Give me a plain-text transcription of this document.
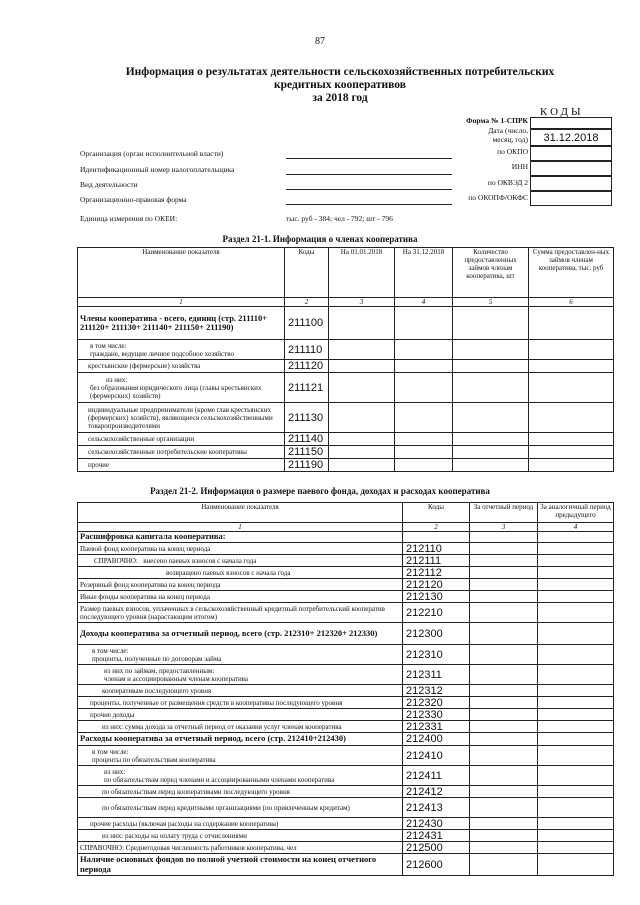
87
Информация о результатах деятельности сельскохозяйственных потребительских
кредитных кооперативов
за 2018 год
КОДЫ
Форма № 1-СПРК
Дата (число,
месяц, год)
по ОКПО
ИНН
по ОКВЭД 2
по ОКОПФ/ОКФС
31.12.2018
Организация (орган исполнительной власти)
Идентификационный номер налогоплательщика
Вид деятельности
Организационно-правовая форма
Единица измерения по ОКЕИ:	тыс. руб - 384; чел - 792; шт - 796
Раздел 21-1. Информация о членах кооператива
Наименование показателя	Коды	На 01.01.2018	На 31.12.2018	Количество предоставленных займов членам кооператива, шт	Сумма предоставлен-ных займов членам кооператива, тыс. руб
1	2	3	4	5	6
Члены кооператива - всего, единиц (стр. 211110+ 211120+ 211130+ 211140+ 211150+ 211190)	211100				

в том числе:
граждане, ведущие личное подсобное хозяйство	211110				
крестьянские (фермерские) хозяйства	211120				

из них:
без образования юридического лица (главы крестьянских (фермерских) хозяйств)	211121				
индивидуальные предприниматели (кроме глав крестьянских (фермерских) хозяйств), являющиеся сельскохозяйственными товаропроизводителями	211130				
сельскохозяйственные организации	211140				
сельскохозяйственные потребительские кооперативы	211150				
прочие	211190				
Раздел 21-2. Информация о размере паевого фонда, доходах и расходах кооператива
Наименование показателя	Коды	За отчетный период	За аналогичный период предыдущего
1	2	3	4
Расшифровка капитала кооператива:			
Паевой фонд кооператива на конец периода	212110		
СПРАВОЧНО: внесено паевых взносов с начала года	212111		
возвращено паевых взносов с начала года	212112		
Резервный фонд кооператива на конец периода	212120		
Иные фонды кооператива на конец периода	212130		
Размер паевых взносов, уплаченных в сельскохозяйственный кредитный потребительский кооператив последующего уровня (нарастающим итогом)	212210		
Доходы кооператива за отчетный период, всего (стр. 212310+ 212320+ 212330)	212300		

в том числе:
проценты, полученные по договорам займа	212310		

из них по займам, предоставленным:
членам и ассоциированным членам кооператива	212311		
кооперативам последующего уровня	212312		
проценты, полученные от размещения средств в кооперативы последующего уровня	212320		
прочие доходы	212330		
из них: сумма дохода за отчетный период от оказания услуг членам кооператива	212331		
Расходы кооператива за отчетный период, всего (стр. 212410+212430)	212400		

в том числе:
проценты по обязательствам кооператива	212410		

из них:
по обязательствам перед членами и ассоциированными членами кооператива	212411		
по обязательствам перед кооперативами последующего уровня	212412		
по обязательствам перед кредитными организациями (по привлеченным кредитам)	212413		
прочие расходы (включая расходы на содержание кооператива)	212430		
из них: расходы на оплату труда с отчислениями	212431		
СПРАВОЧНО: Среднегодовая численность работников кооператива, чел	212500		
Наличие основных фондов по полной учетной стоимости на конец отчетного периода	212600		
